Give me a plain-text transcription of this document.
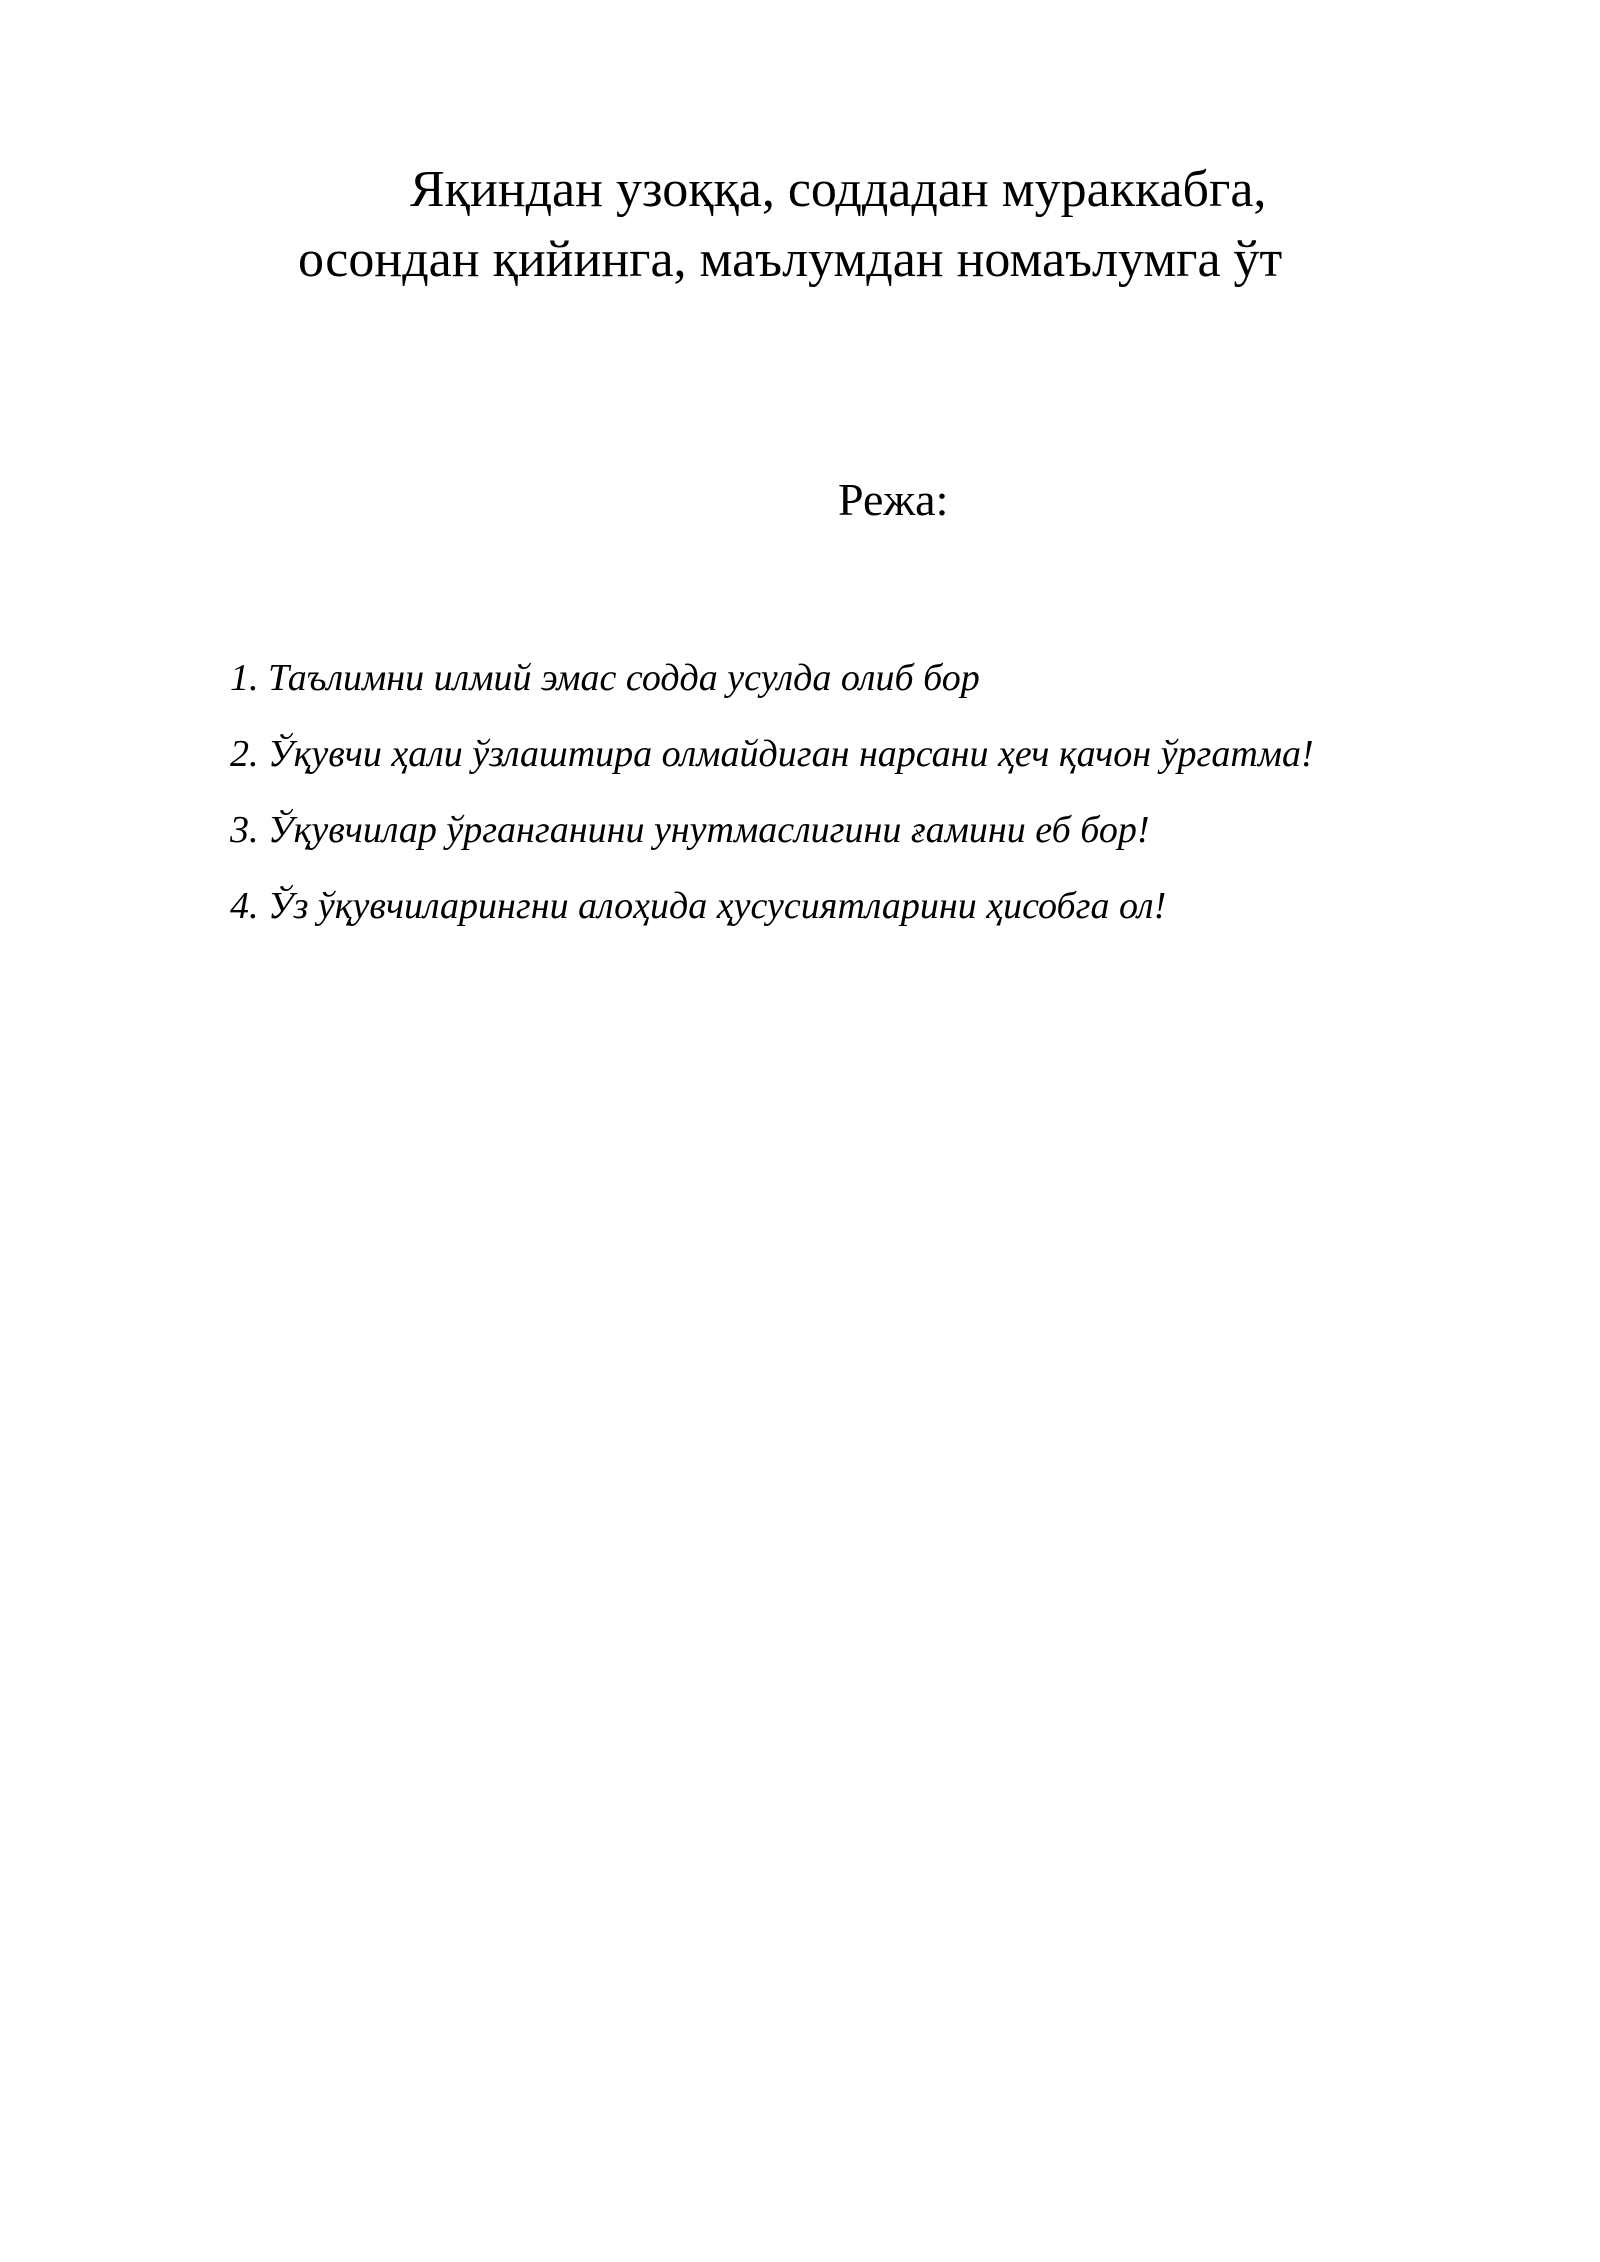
Яқиндан узоққа, соддадан мураккабга,
осондан қийинга, маълумдан номаълумга ўт
Режа:
1. Таълимни илмий эмас содда усулда олиб бор
2. Ўқувчи ҳали ўзлаштира олмайдиган нарсани ҳеч қачон ўргатма!
3. Ўқувчилар ўрганганини унутмаслигини ғамини еб бор!
4. Ўз ўқувчиларингни алоҳида ҳусусиятларини ҳисобга ол!
